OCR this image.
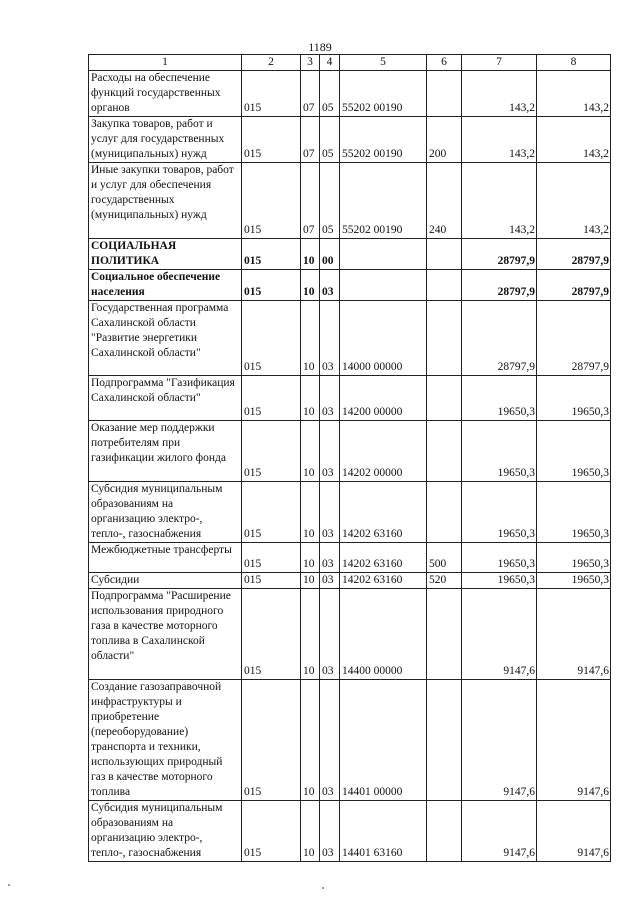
1189
1	2	3	4	5	6	7	8
Расходы на обеспечение функций государственных органов	015	07	05	55202 00190		143,2	143,2
Закупка товаров, работ и услуг для государственных (муниципальных) нужд	015	07	05	55202 00190	200	143,2	143,2
Иные закупки товаров, работ и услуг для обеспечения государственных (муниципальных) нужд	015	07	05	55202 00190	240	143,2	143,2
СОЦИАЛЬНАЯ ПОЛИТИКА	015	10	00			28797,9	28797,9
Социальное обеспечение населения	015	10	03			28797,9	28797,9
Государственная программа Сахалинской области "Развитие энергетики Сахалинской области"	015	10	03	14000 00000		28797,9	28797,9
Подпрограмма "Газификация Сахалинской области"	015	10	03	14200 00000		19650,3	19650,3
Оказание мер поддержки потребителям при газификации жилого фонда	015	10	03	14202 00000		19650,3	19650,3
Субсидия муниципальным образованиям на организацию электро-, тепло-, газоснабжения	015	10	03	14202 63160		19650,3	19650,3
Межбюджетные трансферты	015	10	03	14202 63160	500	19650,3	19650,3
Субсидии	015	10	03	14202 63160	520	19650,3	19650,3
Подпрограмма "Расширение использования природного газа в качестве моторного топлива в Сахалинской области"	015	10	03	14400 00000		9147,6	9147,6
Создание газозаправочной инфраструктуры и приобретение (переоборудование) транспорта и техники, использующих природный газ в качестве моторного топлива	015	10	03	14401 00000		9147,6	9147,6
Субсидия муниципальным образованиям на организацию электро-, тепло-, газоснабжения	015	10	03	14401 63160		9147,6	9147,6
